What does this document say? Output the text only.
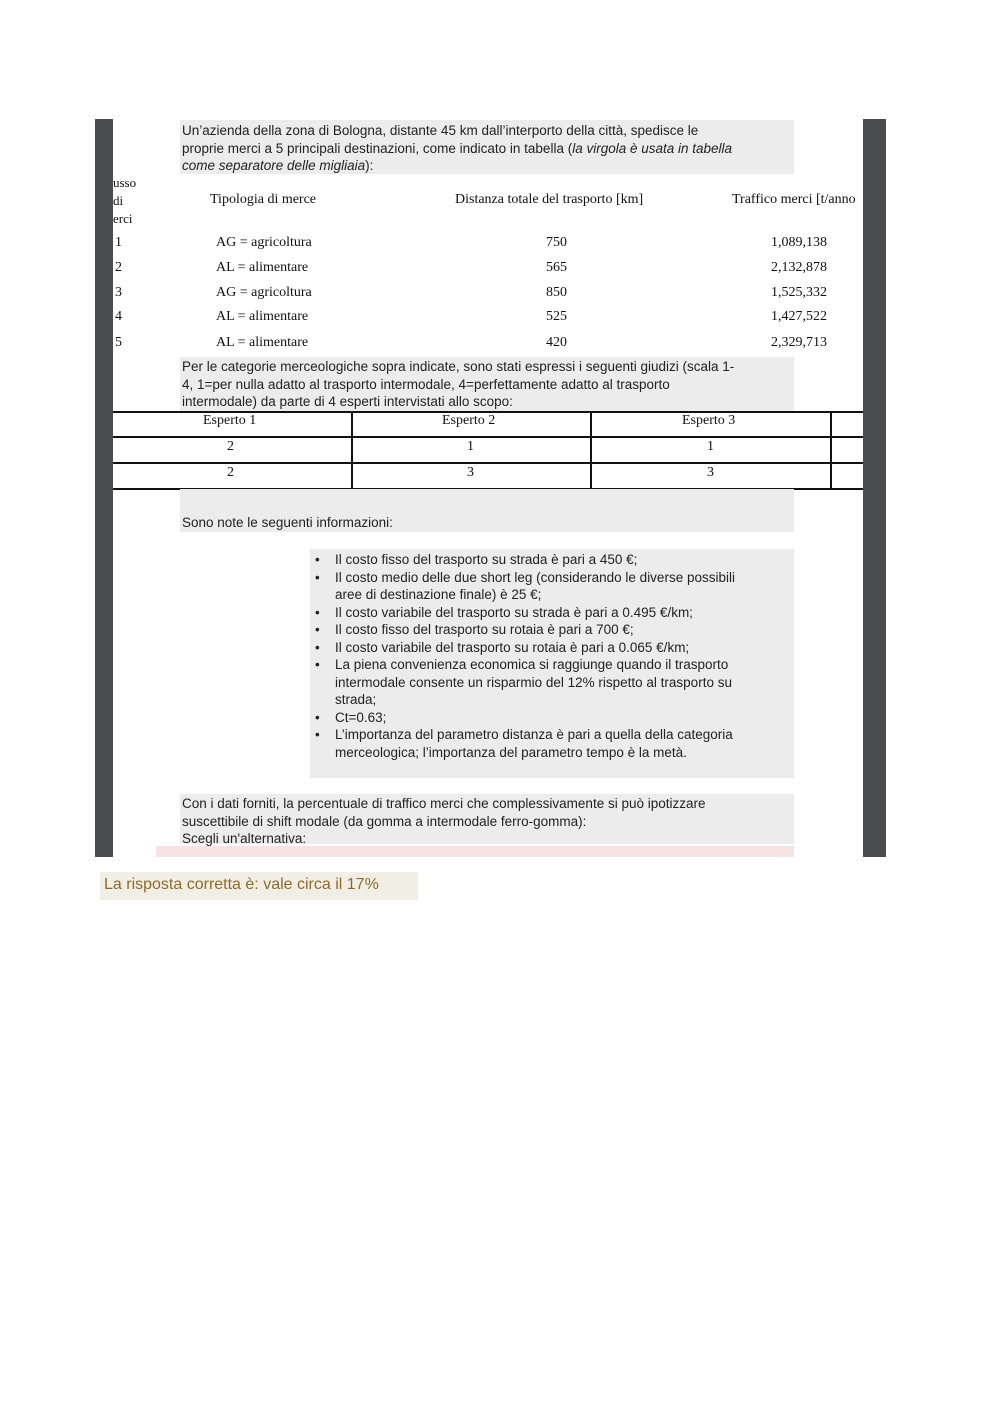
Un’azienda della zona di Bologna, distante 45 km dall’interporto della città, spedisce le
proprie merci a 5 principali destinazioni, come indicato in tabella (la virgola è usata in tabella
come separatore delle migliaia):
usso di erci
Tipologia di merce	Distanza totale del trasporto [km]	Traffico merci [t/anno
1	AG = agricoltura	750	1,089,138
2	AL = alimentare	565	2,132,878
3	AG = agricoltura	850	1,525,332
4	AL = alimentare	525	1,427,522
5	AL = alimentare	420	2,329,713
Per le categorie merceologiche sopra indicate, sono stati espressi i seguenti giudizi (scala 1-
4, 1=per nulla adatto al trasporto intermodale, 4=perfettamente adatto al trasporto
intermodale) da parte di 4 esperti intervistati allo scopo:
Esperto 1	Esperto 2	Esperto 3
2	1	1
2	3	3
Sono note le seguenti informazioni:
• Il costo fisso del trasporto su strada è pari a 450 €;
• Il costo medio delle due short leg (considerando le diverse possibili
aree di destinazione finale) è 25 €;
• Il costo variabile del trasporto su strada è pari a 0.495 €/km;
• Il costo fisso del trasporto su rotaia è pari a 700 €;
• Il costo variabile del trasporto su rotaia è pari a 0.065 €/km;
• La piena convenienza economica si raggiunge quando il trasporto
intermodale consente un risparmio del 12% rispetto al trasporto su
strada;
• Ct=0.63;
• L’importanza del parametro distanza è pari a quella della categoria
merceologica; l’importanza del parametro tempo è la metà.
Con i dati forniti, la percentuale di traffico merci che complessivamente si può ipotizzare
suscettibile di shift modale (da gomma a intermodale ferro-gomma):
Scegli un'alternativa:
La risposta corretta è: vale circa il 17%
